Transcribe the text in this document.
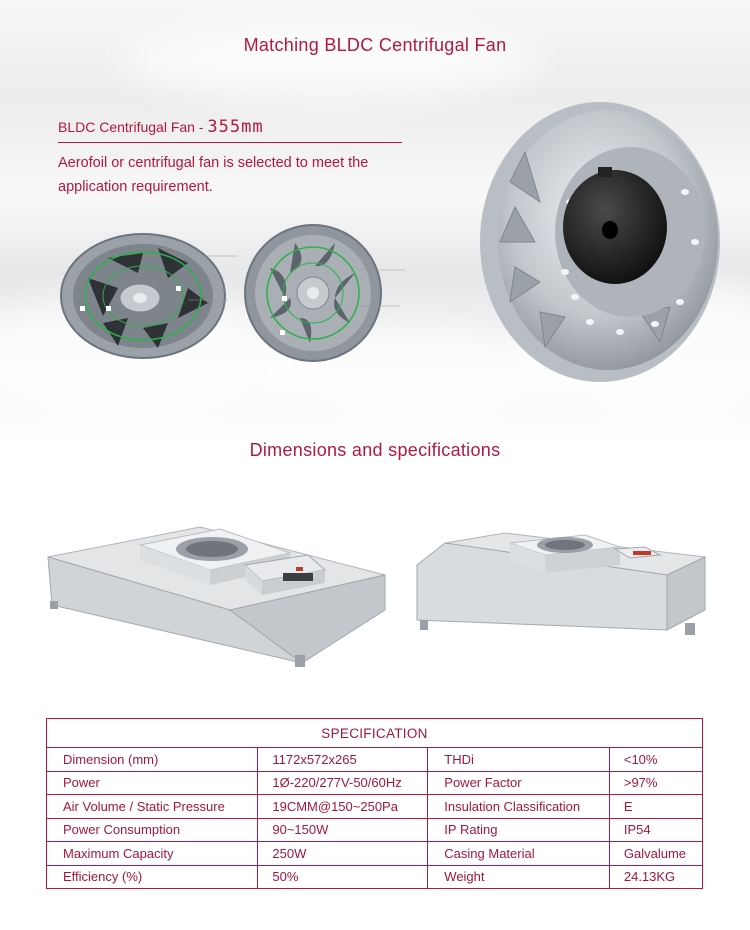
Matching BLDC Centrifugal Fan
BLDC Centrifugal Fan - 355mm
Aerofoil or centrifugal fan is selected to meet the application requirement.
Dimensions and specifications
SPECIFICATION			
Dimension (mm)	1172x572x265	THDi	<10%
Power	1Ø-220/277V-50/60Hz	Power Factor	>97%
Air Volume / Static Pressure	19CMM@150~250Pa	Insulation Classification	E
Power Consumption	90~150W	IP Rating	IP54
Maximum Capacity	250W	Casing Material	Galvalume
Efficiency (%)	50%	Weight	24.13KG
